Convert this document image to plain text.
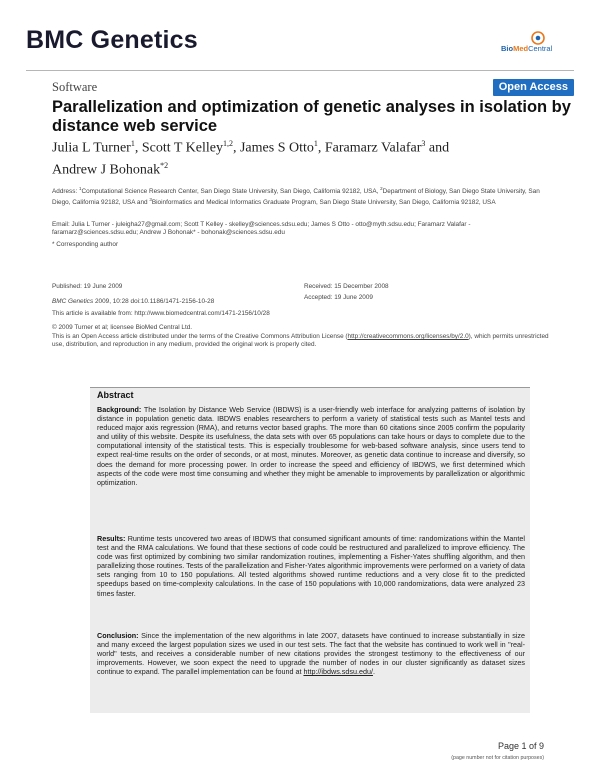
BMC Genetics	BioMedCentral
Software	Open Access
Parallelization and optimization of genetic analyses in isolation by distance web service
Julia L Turner$^1$, Scott T Kelley$^{1,2}$, James S Otto$^1$, Faramarz Valafar$^3$ and
Andrew J Bohonak$^{*2}$
Address: $^1$Computational Science Research Center, San Diego State University, San Diego, California 92182, USA, $^2$Department of Biology, San Diego State University, San Diego, California 92182, USA and $^3$Bioinformatics and Medical Informatics Graduate Program, San Diego State University, San Diego, California 92182, USA
Email: Julia L Turner - juleigha27@gmail.com; Scott T Kelley - skelley@sciences.sdsu.edu; James S Otto - otto@myth.sdsu.edu; Faramarz Valafar - faramarz@sciences.sdsu.edu; Andrew J Bohonak* - bohonak@sciences.sdsu.edu
* Corresponding author
Published: 19 June 2009	Received: 15 December 2008
Accepted: 19 June 2009
BMC Genetics 2009, 10:28 doi:10.1186/1471-2156-10-28
This article is available from: http://www.biomedcentral.com/1471-2156/10/28
© 2009 Turner et al; licensee BioMed Central Ltd.
This is an Open Access article distributed under the terms of the Creative Commons Attribution License (http://creativecommons.org/licenses/by/2.0), which permits unrestricted use, distribution, and reproduction in any medium, provided the original work is properly cited.
Abstract
Background: The Isolation by Distance Web Service (IBDWS) is a user-friendly web interface for analyzing patterns of isolation by distance in population genetic data. IBDWS enables researchers to perform a variety of statistical tests such as Mantel tests and reduced major axis regression (RMA), and returns vector based graphs. The more than 60 citations since 2005 confirm the popularity and utility of this website. Despite its usefulness, the data sets with over 65 populations can take hours or days to complete due to the computational intensity of the statistical tests. This is especially troublesome for web-based software analysis, since users tend to expect real-time results on the order of seconds, or at most, minutes. Moreover, as genetic data continue to increase and diversify, so does the demand for more processing power. In order to increase the speed and efficiency of IBDWS, we first determined which aspects of the code were most time consuming and whether they might be amenable to improvements by parallelization or algorithmic optimization.
Results: Runtime tests uncovered two areas of IBDWS that consumed significant amounts of time: randomizations within the Mantel test and the RMA calculations. We found that these sections of code could be restructured and parallelized to improve efficiency. The code was first optimized by combining two similar randomization routines, implementing a Fisher-Yates shuffling algorithm, and then parallelizing those routines. Tests of the parallelization and Fisher-Yates algorithmic improvements were performed on a variety of data sets ranging from 10 to 150 populations. All tested algorithms showed runtime reductions and a very close fit to the predicted speedups based on time-complexity calculations. In the case of 150 populations with 10,000 randomizations, data were analyzed 23 times faster.
Conclusion: Since the implementation of the new algorithms in late 2007, datasets have continued to increase substantially in size and many exceed the largest population sizes we used in our test sets. The fact that the website has continued to work well in "real-world" tests, and receives a considerable number of new citations provides the strongest testimony to the effectiveness of our improvements. However, we soon expect the need to upgrade the number of nodes in our cluster significantly as dataset sizes continue to expand. The parallel implementation can be found at http://ibdws.sdsu.edu/.
Page 1 of 9
(page number not for citation purposes)
